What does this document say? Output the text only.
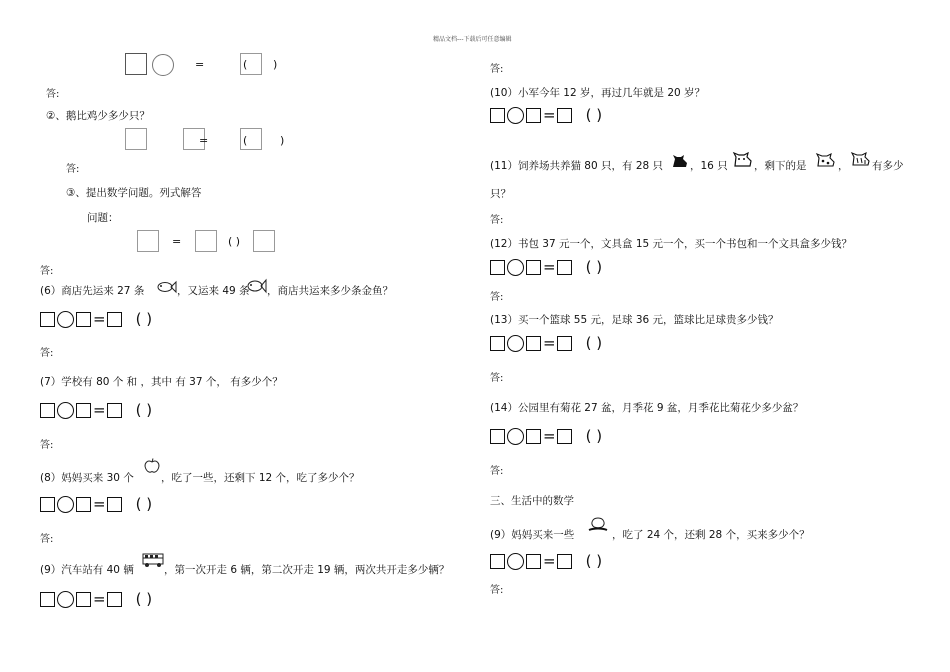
精品文档---下载后可任意编辑
=	( )
答:
②、鹅比鸡少多少只？
=	(	)
答:
③、提出数学问题。列式解答
问题：
=	( )
答:
(6）商店先运来 27 条	，又运来 49 条 ，商店共运来多少条金鱼？
= ( )
答:
(7）学校有 80 个 和 ，其中 有 37 个， 有多少个？
= ( )
答:
(8）妈妈买来 30 个	，吃了一些，还剩下 12 个，吃了多少个？
= ( )
答:
(9）汽车站有 40 辆	，第一次开走 6 辆，第二次开走 19 辆，两次共开走多少辆？
= ( )
答:
(10）小军今年 12 岁，再过几年就是 20 岁？
= ( )
(11）饲养场共养猫 80 只，有 28 只	，16 只	，剩下的是	， 有多少
只？
答:
(12）书包 37 元一个，文具盒 15 元一个，买一个书包和一个文具盒多少钱？
= ( )
答:
(13）买一个篮球 55 元，足球 36 元，篮球比足球贵多少钱？
= ( )
答:
(14）公园里有菊花 27 盆，月季花 9 盆，月季花比菊花少多少盆？
= ( )
答:
三、生活中的数学
(9）妈妈买来一些	，吃了 24 个，还剩 28 个，买来多少个？
= ( )
答:
